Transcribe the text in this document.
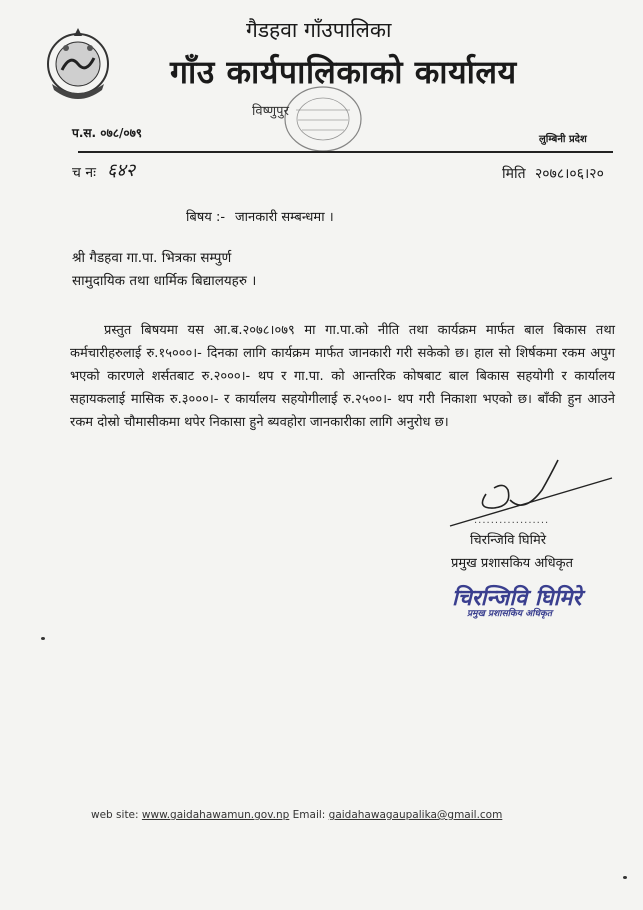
गैडहवा गाँउपालिका
गाँउ कार्यपालिकाको कार्यालय
विष्णुपुर
प.स. ०७८/०७९	लुम्बिनी प्रदेश
च नः ६४२	मिति २०७८।०६।२०
बिषय :- जानकारी सम्बन्धमा ।
श्री गैडहवा गा.पा. भित्रका सम्पुर्ण
सामुदायिक तथा धार्मिक बिद्यालयहरु ।
प्रस्तुत बिषयमा यस आ.ब.२०७८।०७९ मा गा.पा.को नीति तथा कार्यक्रम मार्फत बाल बिकास तथा कर्मचारीहरुलाई रु.१५०००।- दिनका लागि कार्यक्रम मार्फत जानकारी गरी सकेको छ। हाल सो शिर्षकमा रकम अपुग भएको कारणले शर्सतबाट रु.२०००।- थप र गा.पा. को आन्तरिक कोषबाट बाल बिकास सहयोगी र कार्यालय सहायकलाई मासिक रु.३०००।- र कार्यालय सहयोगीलाई रु.२५००।- थप गरी निकाशा भएको छ। बाँकी हुन आउने रकम दोस्रो चौमासीकमा थपेर निकासा हुने ब्यवहोरा जानकारीका लागि अनुरोध छ।
..................
चिरन्जिवि घिमिरे
प्रमुख प्रशासकिय अधिकृत
चिरन्जिवि घिमिरे
प्रमुख प्रशासकिय अधिकृत
web site: www.gaidahawamun.gov.np Email: gaidahawagaupalika@gmail.com
